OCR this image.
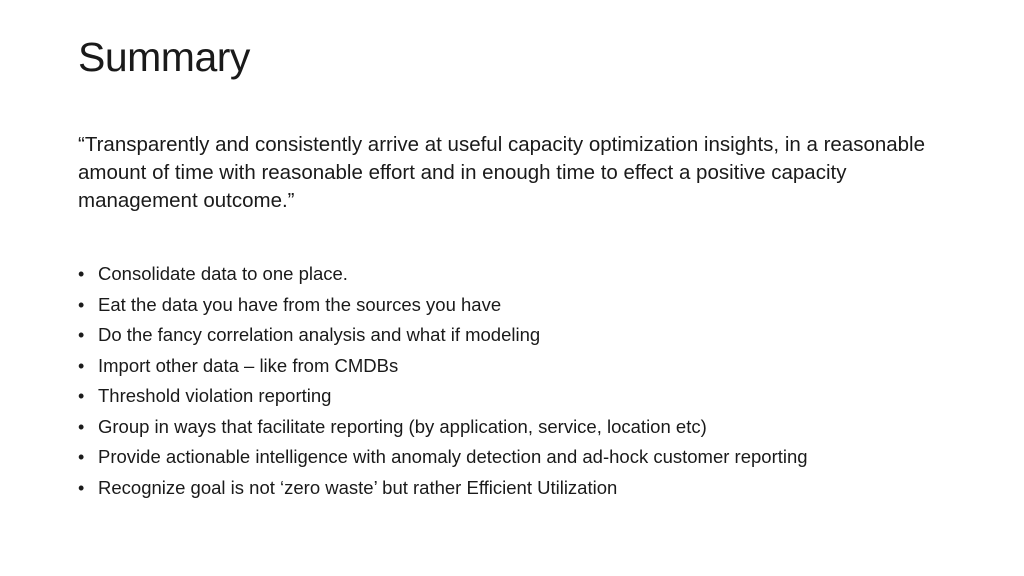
Summary
“Transparently and consistently arrive at useful capacity optimization insights, in a reasonable amount of time with reasonable effort and in enough time to effect a positive capacity management outcome.”
• Consolidate data to one place.
• Eat the data you have from the sources you have
• Do the fancy correlation analysis and what if modeling
• Import other data – like from CMDBs
• Threshold violation reporting
• Group in ways that facilitate reporting (by application, service, location etc)
• Provide actionable intelligence with anomaly detection and ad-hock customer reporting
• Recognize goal is not ‘zero waste’ but rather Efficient Utilization
